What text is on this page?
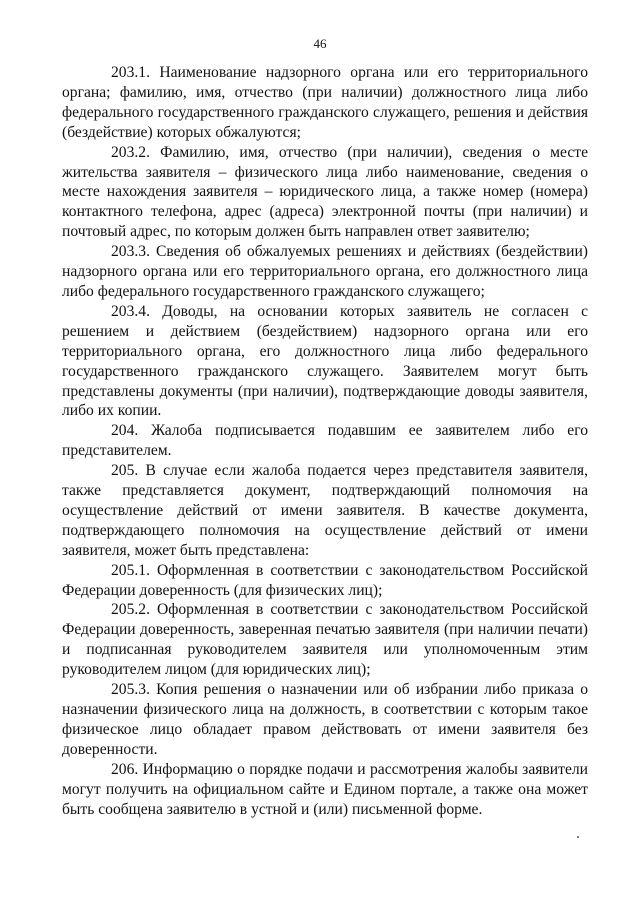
46

203.1. Наименование надзорного органа или его территориального органа; фамилию, имя, отчество (при наличии) должностного лица либо федерального государственного гражданского служащего, решения и действия (бездействие) которых обжалуются;

203.2. Фамилию, имя, отчество (при наличии), сведения о месте жительства заявителя – физического лица либо наименование, сведения о месте нахождения заявителя – юридического лица, а также номер (номера) контактного телефона, адрес (адреса) электронной почты (при наличии) и почтовый адрес, по которым должен быть направлен ответ заявителю;

203.3. Сведения об обжалуемых решениях и действиях (бездействии) надзорного органа или его территориального органа, его должностного лица либо федерального государственного гражданского служащего;

203.4. Доводы, на основании которых заявитель не согласен с решением и действием (бездействием) надзорного органа или его территориального органа, его должностного лица либо федерального государственного гражданского служащего. Заявителем могут быть представлены документы (при наличии), подтверждающие доводы заявителя, либо их копии.

204. Жалоба подписывается подавшим ее заявителем либо его представителем.

205. В случае если жалоба подается через представителя заявителя, также представляется документ, подтверждающий полномочия на осуществление действий от имени заявителя. В качестве документа, подтверждающего полномочия на осуществление действий от имени заявителя, может быть представлена:

205.1. Оформленная в соответствии с законодательством Российской Федерации доверенность (для физических лиц);

205.2. Оформленная в соответствии с законодательством Российской Федерации доверенность, заверенная печатью заявителя (при наличии печати) и подписанная руководителем заявителя или уполномоченным этим руководителем лицом (для юридических лиц);

205.3. Копия решения о назначении или об избрании либо приказа о назначении физического лица на должность, в соответствии с которым такое физическое лицо обладает правом действовать от имени заявителя без доверенности.

206. Информацию о порядке подачи и рассмотрения жалобы заявители могут получить на официальном сайте и Едином портале, а также она может быть сообщена заявителю в устной и (или) письменной форме.
